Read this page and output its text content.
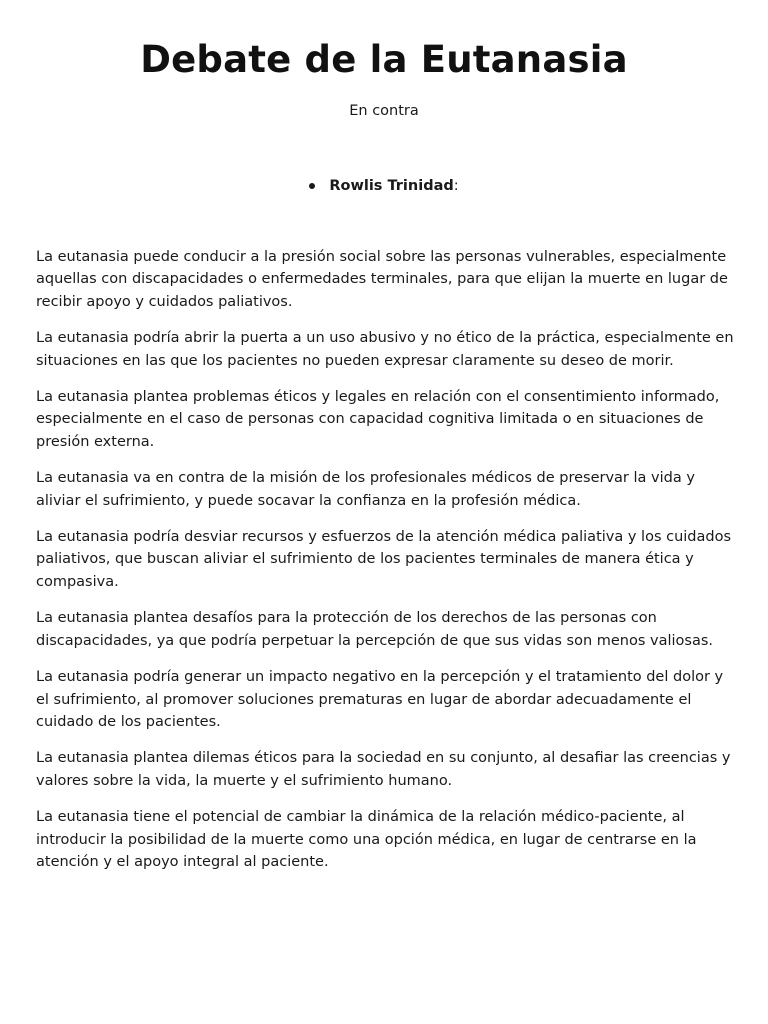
Debate de la Eutanasia

En contra

Rowlis Trinidad:

La eutanasia puede conducir a la presión social sobre las personas vulnerables, especialmente aquellas con discapacidades o enfermedades terminales, para que elijan la muerte en lugar de recibir apoyo y cuidados paliativos.

La eutanasia podría abrir la puerta a un uso abusivo y no ético de la práctica, especialmente en situaciones en las que los pacientes no pueden expresar claramente su deseo de morir.

La eutanasia plantea problemas éticos y legales en relación con el consentimiento informado, especialmente en el caso de personas con capacidad cognitiva limitada o en situaciones de presión externa.

La eutanasia va en contra de la misión de los profesionales médicos de preservar la vida y aliviar el sufrimiento, y puede socavar la confianza en la profesión médica.

La eutanasia podría desviar recursos y esfuerzos de la atención médica paliativa y los cuidados paliativos, que buscan aliviar el sufrimiento de los pacientes terminales de manera ética y compasiva.

La eutanasia plantea desafíos para la protección de los derechos de las personas con discapacidades, ya que podría perpetuar la percepción de que sus vidas son menos valiosas.

La eutanasia podría generar un impacto negativo en la percepción y el tratamiento del dolor y el sufrimiento, al promover soluciones prematuras en lugar de abordar adecuadamente el cuidado de los pacientes.

La eutanasia plantea dilemas éticos para la sociedad en su conjunto, al desafiar las creencias y valores sobre la vida, la muerte y el sufrimiento humano.

La eutanasia tiene el potencial de cambiar la dinámica de la relación médico-paciente, al introducir la posibilidad de la muerte como una opción médica, en lugar de centrarse en la atención y el apoyo integral al paciente.
